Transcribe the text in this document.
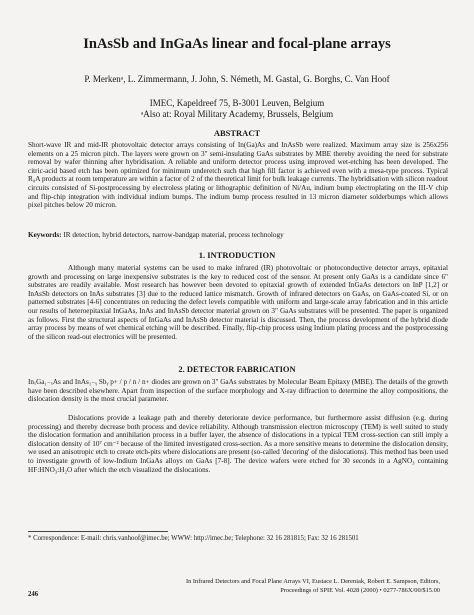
InAsSb and InGaAs linear and focal-plane arrays
P. Merkenᵃ, L. Zimmermann, J. John, S. Németh, M. Gastal, G. Borghs, C. Van Hoof
IMEC, Kapeldreef 75, B-3001 Leuven, Belgium
ᵃAlso at: Royal Military Academy, Brussels, Belgium
ABSTRACT

Short-wave IR and mid-IR photovoltaic detector arrays consisting of In(Ga)As and InAsSb were realized. Maximum array size is 256x256 elements on a 25 micron pitch. The layers were grown on 3" semi-insulating GaAs substrates by MBE thereby avoiding the need for substrate removal by wafer thinning after hybridisation. A reliable and uniform detector process using improved wet-etching has been developed. The citric-acid based etch has been optimized for minimum underetch such that high fill factor is achieved even with a mesa-type process. Typical R₀A products at room temperature are within a factor of 2 of the theoretical limit for bulk leakage currents. The hybridisation with silicon readout circuits consisted of Si-postprocessing by electroless plating or lithographic definition of Ni/Au, indium bump electroplating on the III-V chip and flip-chip integration with individual indium bumps. The indium bump process resulted in 13 micron diameter solderbumps which allows pixel pitches below 20 micron.

Keywords: IR detection, hybrid detectors, narrow-bandgap material, process technology

1. INTRODUCTION

Although many material systems can be used to make infrared (IR) photovoltaic or photoconductive detector arrays, epitaxial growth and processing on large inexpensive substrates is the key to reduced cost of the sensor. At present only GaAs is a candidate since 6" substrates are readily available. Most research has however been devoted to epitaxial growth of extended InGaAs detectors on InP [1,2] or InAsSb detectors on InAs substrates [3] due to the reduced lattice mismatch. Growth of infrared detectors on GaAs, on GaAs-coated Si, or on patterned substrates [4-6] concentrates on reducing the defect levels compatible with uniform and large-scale array fabrication and in this article our results of heteroepitaxial InGaAs, InAs and InAsSb detector material grown on 3" GaAs substrates will be presented. The paper is organized as follows. First the structural aspects of InGaAs and InAsSb detector material is discussed. Then, the process development of the hybrid diode array process by means of wet chemical etching will be described. Finally, flip-chip process using Indium plating process and the postprocessing of the silicon read-out electronics will be presented.

2. DETECTOR FABRICATION

InₓGa₁₋ₓAs and InAs₁₋ᵧ Sbᵧ p+ / p / n / n+ diodes are grown on 3" GaAs substrates by Molecular Beam Epitaxy (MBE). The details of the growth have been described elsewhere. Apart from inspection of the surface morphology and X-ray diffraction to determine the alloy compositions, the dislocation density is the most crucial parameter.

Dislocations provide a leakage path and thereby deteriorate device performance, but furthermore assist diffusion (e.g. during processing) and thereby decrease both process and device reliability. Although transmission electron microscopy (TEM) is well suited to study the dislocation formation and annihilation process in a buffer layer, the absence of dislocations in a typical TEM cross-section can still imply a dislocation density of 10⁷ cm⁻² because of the limited investigated cross-section. As a more sensitive means to determine the dislocation density, we used an anisotropic etch to create etch-pits where dislocations are present (so-called 'decoring' of the dislocations). This method has been used to investigate growth of low-Indium InGaAs alloys on GaAs [7-8]. The device wafers were etched for 30 seconds in a AgNO₃ containing HF:HNO₃:H₂O after which the etch visualized the dislocations.

* Correspondence: E-mail: chris.vanhoof@imec.be; WWW: http://imec.be; Telephone: 32 16 281815; Fax: 32 16 281501
In Infrared Detectors and Focal Plane Arrays VI, Eustace L. Dereniak, Robert E. Sampson, Editors,
Proceedings of SPIE Vol. 4028 (2000) • 0277-786X/00/$15.00
246
